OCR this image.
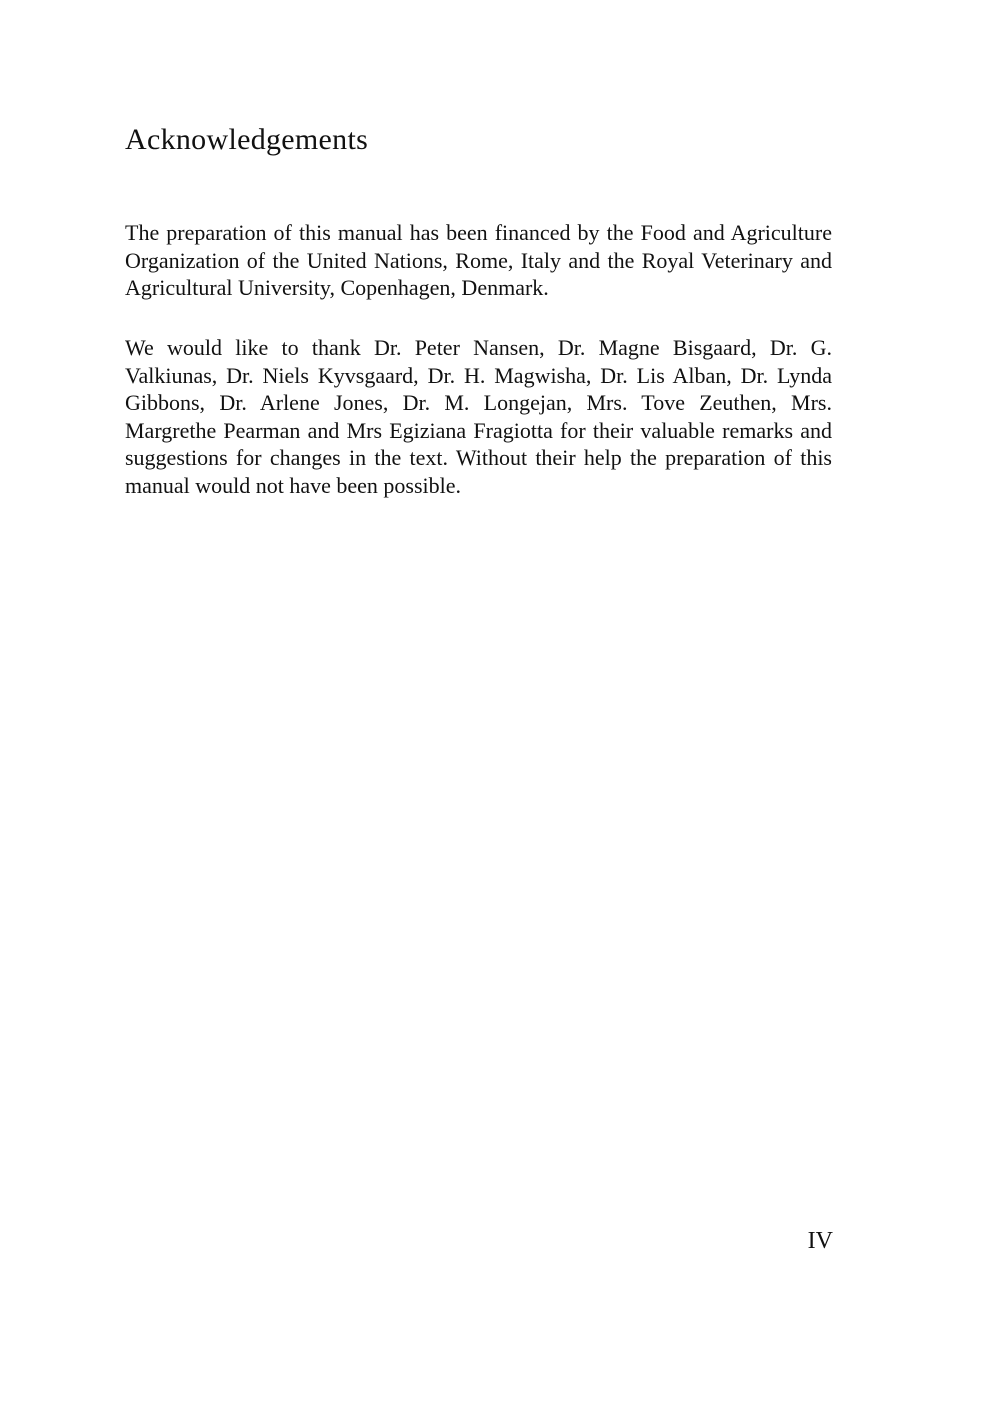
Acknowledgements

The preparation of this manual has been financed by the Food and Agriculture Organization of the United Nations, Rome, Italy and the Royal Veterinary and Agricultural University, Copenhagen, Denmark.

We would like to thank Dr. Peter Nansen, Dr. Magne Bisgaard, Dr. G. Valkiunas, Dr. Niels Kyvsgaard, Dr. H. Magwisha, Dr. Lis Alban, Dr. Lynda Gibbons, Dr. Arlene Jones, Dr. M. Longejan, Mrs. Tove Zeuthen, Mrs. Margrethe Pearman and Mrs Egiziana Fragiotta for their valuable remarks and suggestions for changes in the text. Without their help the preparation of this manual would not have been possible.

IV
